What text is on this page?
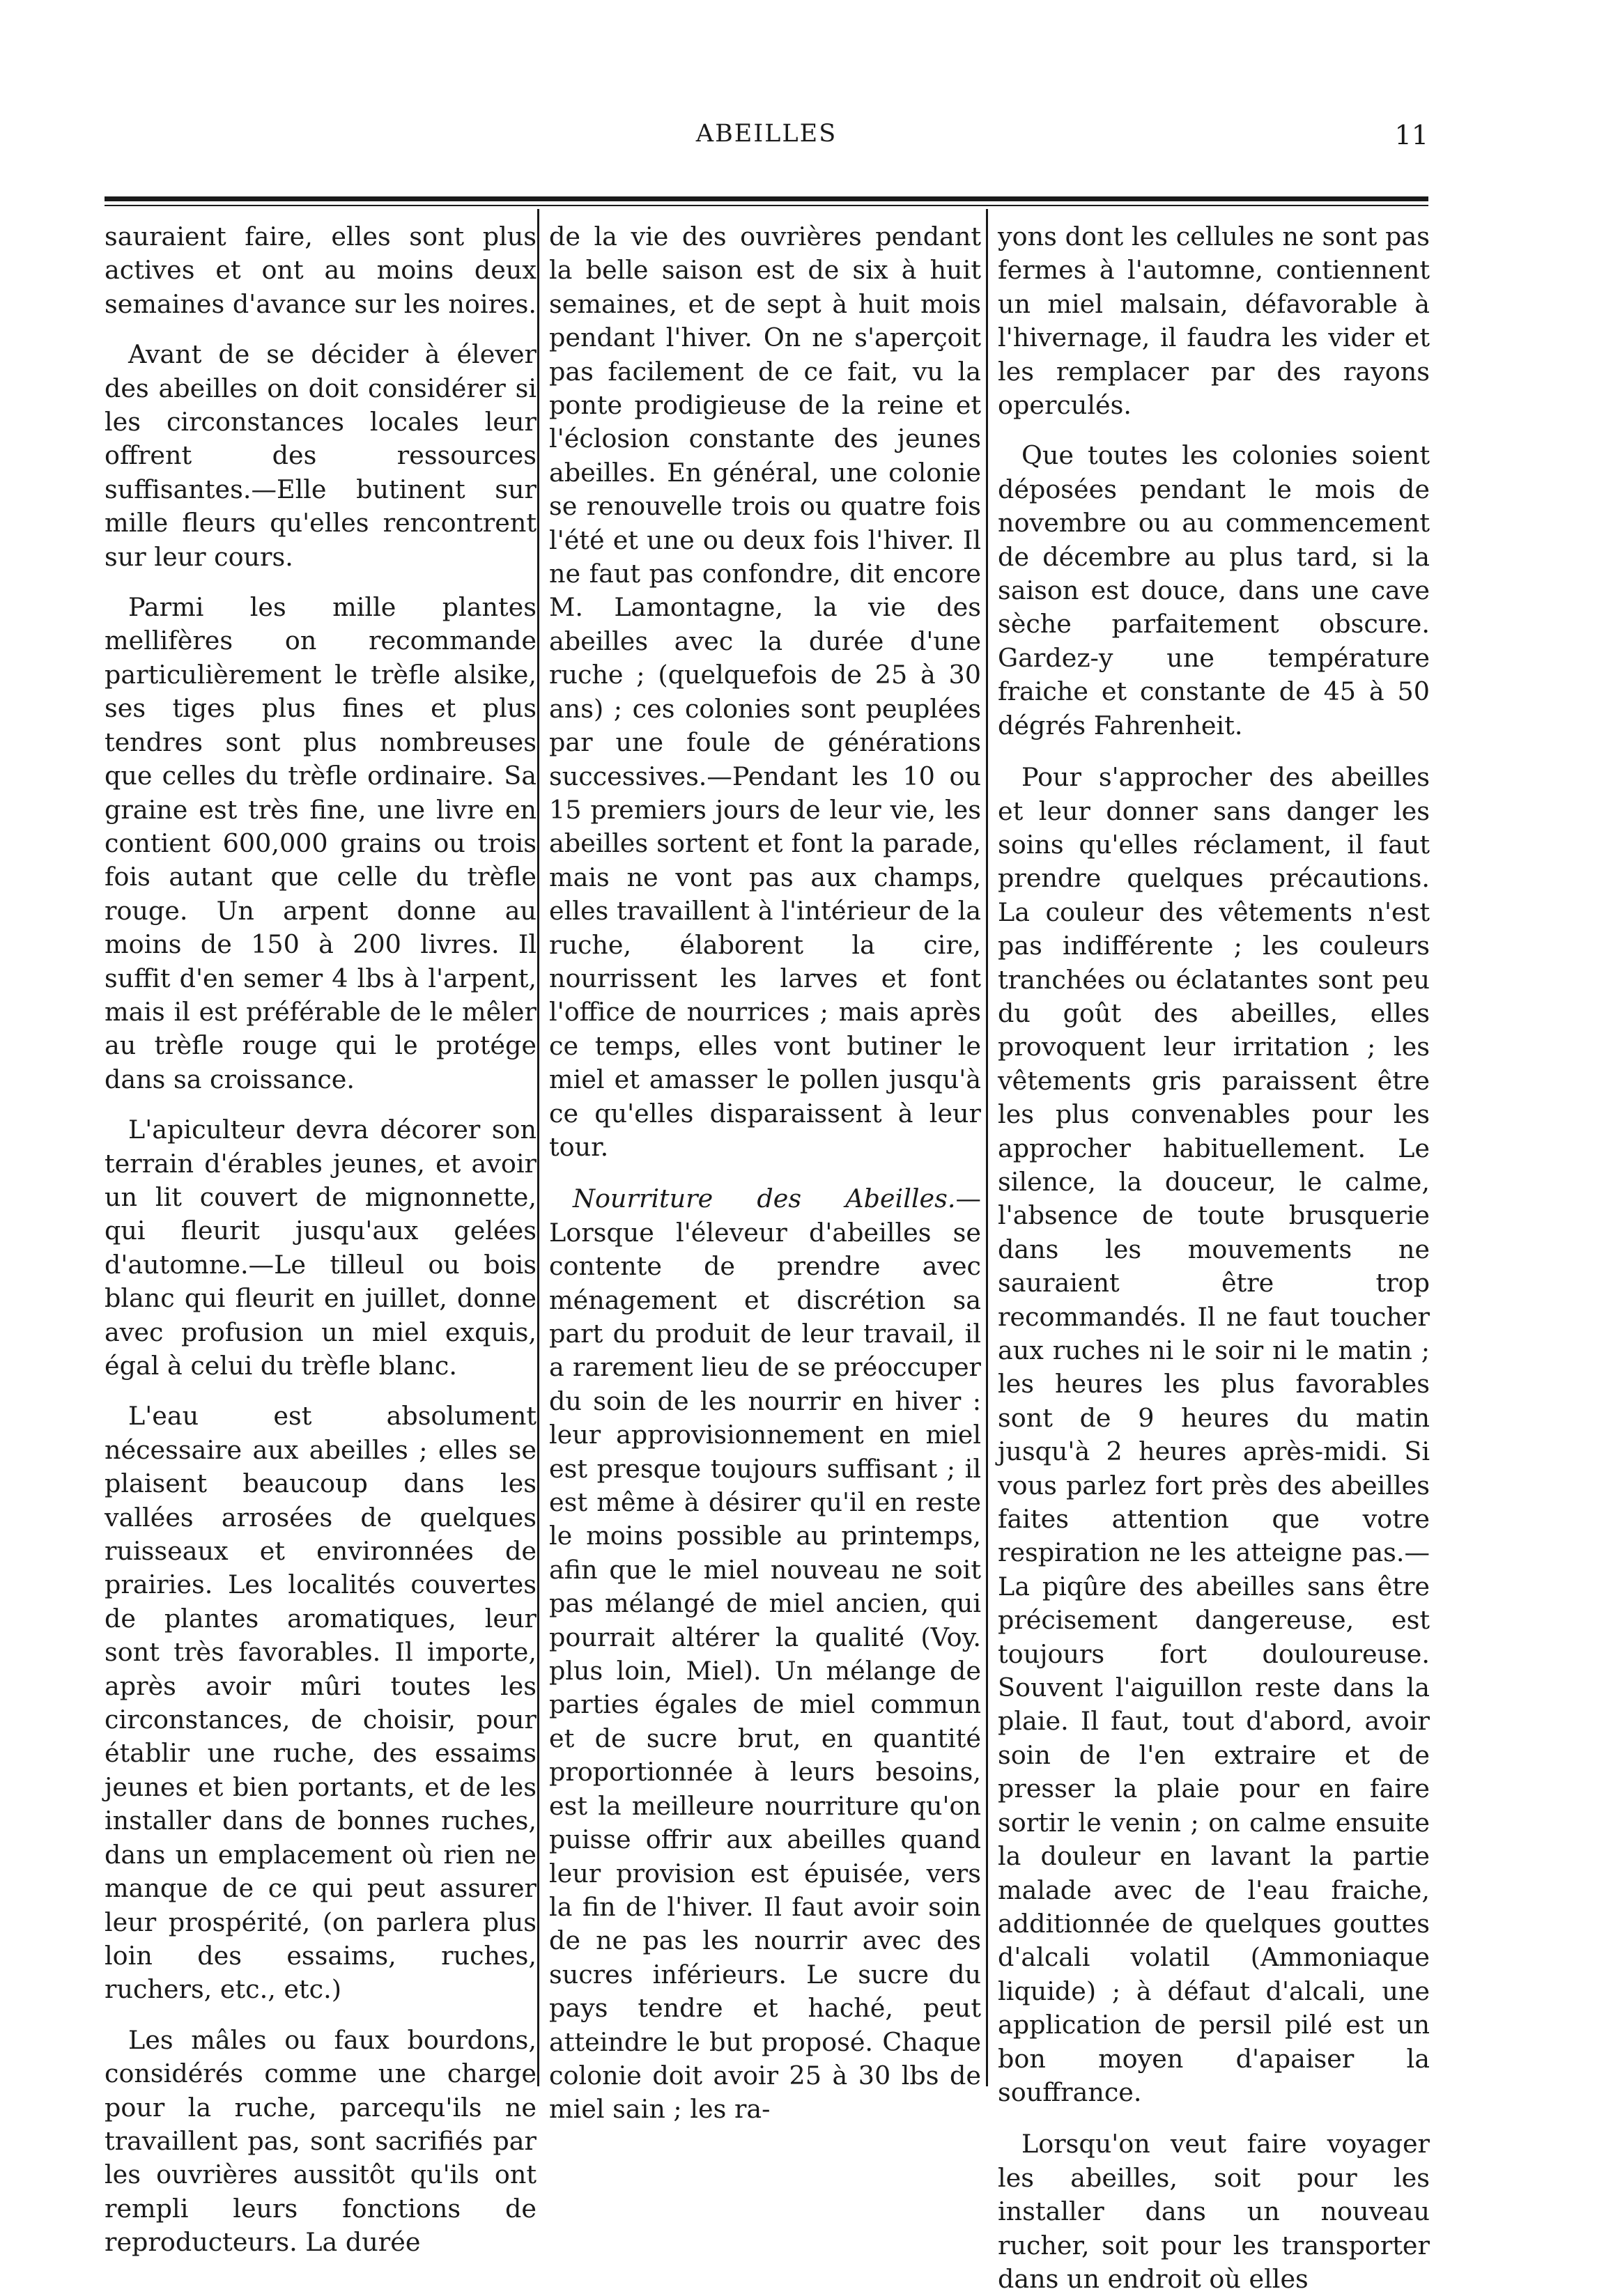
ABEILLES	11

sauraient faire, elles sont plus actives et ont au moins deux semaines d'avance sur les noires.

Avant de se décider à élever des abeilles on doit considérer si les circonstances locales leur offrent des ressources suffisantes.—Elle butinent sur mille fleurs qu'elles rencontrent sur leur cours.

Parmi les mille plantes mellifères on recommande particulièrement le trèfle alsike, ses tiges plus fines et plus tendres sont plus nombreuses que celles du trèfle ordinaire. Sa graine est très fine, une livre en contient 600,000 grains ou trois fois autant que celle du trèfle rouge. Un arpent donne au moins de 150 à 200 livres. Il suffit d'en semer 4 lbs à l'arpent, mais il est préférable de le mêler au trèfle rouge qui le protége dans sa croissance.

L'apiculteur devra décorer son terrain d'érables jeunes, et avoir un lit couvert de mignonnette, qui fleurit jusqu'aux gelées d'automne.—Le tilleul ou bois blanc qui fleurit en juillet, donne avec profusion un miel exquis, égal à celui du trèfle blanc.

L'eau est absolument nécessaire aux abeilles ; elles se plaisent beaucoup dans les vallées arrosées de quelques ruisseaux et environnées de prairies. Les localités couvertes de plantes aromatiques, leur sont très favorables. Il importe, après avoir mûri toutes les circonstances, de choisir, pour établir une ruche, des essaims jeunes et bien portants, et de les installer dans de bonnes ruches, dans un emplacement où rien ne manque de ce qui peut assurer leur prospérité, (on parlera plus loin des essaims, ruches, ruchers, etc., etc.)

Les mâles ou faux bourdons, considérés comme une charge pour la ruche, parcequ'ils ne travaillent pas, sont sacrifiés par les ouvrières aussitôt qu'ils ont rempli leurs fonctions de reproducteurs. La durée

de la vie des ouvrières pendant la belle saison est de six à huit semaines, et de sept à huit mois pendant l'hiver. On ne s'aperçoit pas facilement de ce fait, vu la ponte prodigieuse de la reine et l'éclosion constante des jeunes abeilles. En général, une colonie se renouvelle trois ou quatre fois l'été et une ou deux fois l'hiver. Il ne faut pas confondre, dit encore M. Lamontagne, la vie des abeilles avec la durée d'une ruche ; (quelquefois de 25 à 30 ans) ; ces colonies sont peuplées par une foule de générations successives.—Pendant les 10 ou 15 premiers jours de leur vie, les abeilles sortent et font la parade, mais ne vont pas aux champs, elles travaillent à l'intérieur de la ruche, élaborent la cire, nourrissent les larves et font l'office de nourrices ; mais après ce temps, elles vont butiner le miel et amasser le pollen jusqu'à ce qu'elles disparaissent à leur tour.

Nourriture des Abeilles.—Lorsque l'éleveur d'abeilles se contente de prendre avec ménagement et discrétion sa part du produit de leur travail, il a rarement lieu de se préoccuper du soin de les nourrir en hiver : leur approvisionnement en miel est presque toujours suffisant ; il est même à désirer qu'il en reste le moins possible au printemps, afin que le miel nouveau ne soit pas mélangé de miel ancien, qui pourrait altérer la qualité (Voy. plus loin, Miel). Un mélange de parties égales de miel commun et de sucre brut, en quantité proportionnée à leurs besoins, est la meilleure nourriture qu'on puisse offrir aux abeilles quand leur provision est épuisée, vers la fin de l'hiver. Il faut avoir soin de ne pas les nourrir avec des sucres inférieurs. Le sucre du pays tendre et haché, peut atteindre le but proposé. Chaque colonie doit avoir 25 à 30 lbs de miel sain ; les ra-

yons dont les cellules ne sont pas fermes à l'automne, contiennent un miel malsain, défavorable à l'hivernage, il faudra les vider et les remplacer par des rayons operculés.

Que toutes les colonies soient déposées pendant le mois de novembre ou au commencement de décembre au plus tard, si la saison est douce, dans une cave sèche parfaitement obscure. Gardez-y une température fraiche et constante de 45 à 50 dégrés Fahrenheit.

Pour s'approcher des abeilles et leur donner sans danger les soins qu'elles réclament, il faut prendre quelques précautions. La couleur des vêtements n'est pas indifférente ; les couleurs tranchées ou éclatantes sont peu du goût des abeilles, elles provoquent leur irritation ; les vêtements gris paraissent être les plus convenables pour les approcher habituellement. Le silence, la douceur, le calme, l'absence de toute brusquerie dans les mouvements ne sauraient être trop recommandés. Il ne faut toucher aux ruches ni le soir ni le matin ; les heures les plus favorables sont de 9 heures du matin jusqu'à 2 heures après-midi. Si vous parlez fort près des abeilles faites attention que votre respiration ne les atteigne pas.—La piqûre des abeilles sans être précisement dangereuse, est toujours fort douloureuse. Souvent l'aiguillon reste dans la plaie. Il faut, tout d'abord, avoir soin de l'en extraire et de presser la plaie pour en faire sortir le venin ; on calme ensuite la douleur en lavant la partie malade avec de l'eau fraiche, additionnée de quelques gouttes d'alcali volatil (Ammoniaque liquide) ; à défaut d'alcali, une application de persil pilé est un bon moyen d'apaiser la souffrance.

Lorsqu'on veut faire voyager les abeilles, soit pour les installer dans un nouveau rucher, soit pour les transporter dans un endroit où elles
